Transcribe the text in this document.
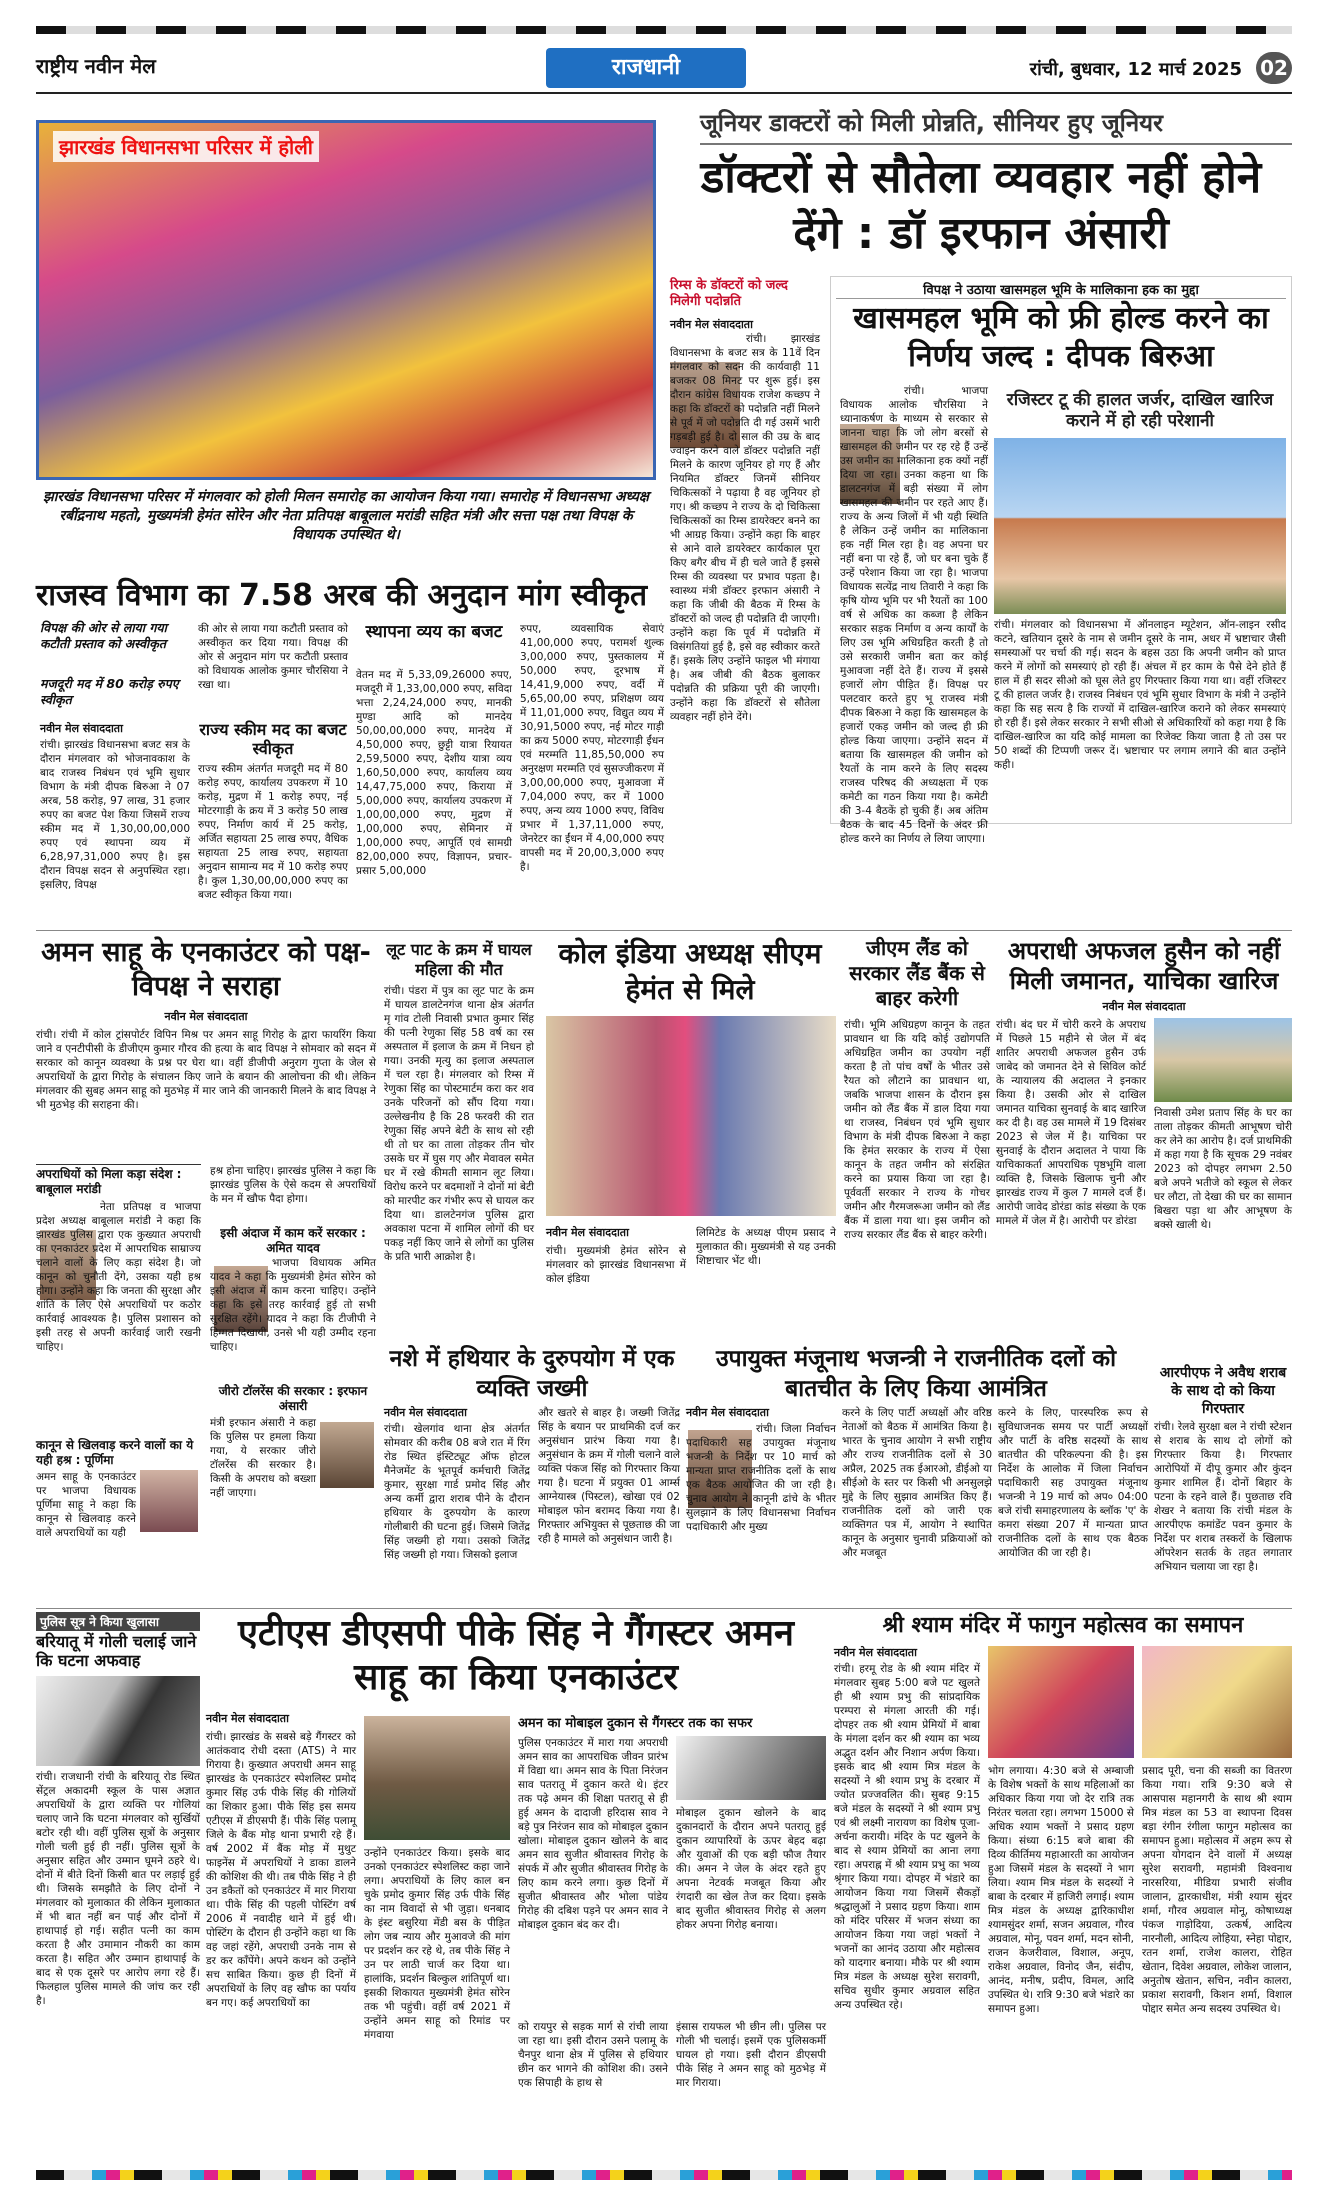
राष्ट्रीय नवीन मेल	राजधानी	रांची, बुधवार, 12 मार्च 2025 02
झारखंड विधानसभा परिसर में होली
झारखंड विधानसभा परिसर में मंगलवार को होली मिलन समारोह का आयोजन किया गया। समारोह में विधानसभा अध्यक्ष रबींद्रनाथ महतो, मुख्यमंत्री हेमंत सोरेन और नेता प्रतिपक्ष बाबूलाल मरांडी सहित मंत्री और सत्ता पक्ष तथा विपक्ष के विधायक उपस्थित थे।
जूनियर डाक्टरों को मिली प्रोन्नति, सीनियर हुए जूनियर
डॉक्टरों से सौतेला व्यवहार नहीं होने देंगे : डॉ इरफान अंसारी
रिम्स के डॉक्टरों को जल्द मिलेगी पदोन्नति
नवीन मेल संवाददाता
रांची। झारखंड विधानसभा के बजट सत्र के 11वें दिन मंगलवार को सदन की कार्यवाही 11 बजकर 08 मिनट पर शुरू हुई। इस दौरान कांग्रेस विधायक राजेश कच्छप ने कहा कि डॉक्टरों को पदोन्नति नहीं मिलने से पूर्व में जो पदोन्नति दी गई उसमें भारी गड़बड़ी हुई है। दो साल की उम्र के बाद ज्वाइन करने वाले डॉक्टर पदोन्नति नहीं मिलने के कारण जूनियर हो गए हैं और नियमित डॉक्टर जिनमें सीनियर चिकित्सकों ने पढ़ाया है वह जूनियर हो गए। श्री कच्छप ने राज्य के दो चिकित्सा चिकित्सकों का रिम्स डायरेक्टर बनने का भी आग्रह किया। उन्होंने कहा कि बाहर से आने वाले डायरेक्टर कार्यकाल पूरा किए बगैर बीच में ही चले जाते हैं इससे रिम्स की व्यवस्था पर प्रभाव पड़ता है। स्वास्थ्य मंत्री डॉक्टर इरफान अंसारी ने कहा कि जीबी की बैठक में रिम्स के डॉक्टरों को जल्द ही पदोन्नति दी जाएगी। उन्होंने कहा कि पूर्व में पदोन्नति में विसंगतियां हुई है, इसे वह स्वीकार करते हैं। इसके लिए उन्होंने फाइल भी मंगाया है। अब जीबी की बैठक बुलाकर पदोन्नति की प्रक्रिया पूरी की जाएगी। उन्होंने कहा कि डॉक्टरों से सौतेला व्यवहार नहीं होने देंगे।
विपक्ष ने उठाया खासमहल भूमि के मालिकाना हक का मुद्दा
खासमहल भूमि को फ्री होल्ड करने का निर्णय जल्द : दीपक बिरुआ
रांची। भाजपा विधायक आलोक चौरसिया ने ध्यानाकर्षण के माध्यम से सरकार से जानना चाहा कि जो लोग बरसों से खासमहल की जमीन पर रह रहे हैं उन्हें उस जमीन का मालिकाना हक क्यों नहीं दिया जा रहा। उनका कहना था कि डालटनगंज में बड़ी संख्या में लोग खासमहल की जमीन पर रहते आए हैं। राज्य के अन्य जिलों में भी यही स्थिति है लेकिन उन्हें जमीन का मालिकाना हक नहीं मिल रहा है। वह अपना घर नहीं बना पा रहे हैं, जो घर बना चुके हैं उन्हें परेशान किया जा रहा है। भाजपा विधायक सत्येंद्र नाथ तिवारी ने कहा कि कृषि योग्य भूमि पर भी रैयतों का 100 वर्ष से अधिक का कब्जा है लेकिन सरकार सड़क निर्माण व अन्य कार्यों के लिए उस भूमि अधिग्रहित करती है तो उसे सरकारी जमीन बता कर कोई मुआवजा नहीं देते हैं। राज्य में इससे हजारों लोग पीड़ित हैं। विपक्ष पर पलटवार करते हुए भू राजस्व मंत्री दीपक बिरुआ ने कहा कि खासमहल के हजारों एकड़ जमीन को जल्द ही फ्री होल्ड किया जाएगा। उन्होंने सदन में बताया कि खासमहल की जमीन को रैयतों के नाम करने के लिए सदस्य राजस्व परिषद की अध्यक्षता में एक कमेटी का गठन किया गया है। कमेटी की 3-4 बैठकें हो चुकी हैं। अब अंतिम बैठक के बाद 45 दिनों के अंदर फ्री होल्ड करने का निर्णय ले लिया जाएगा।
रजिस्टर टू की हालत जर्जर, दाखिल खारिज कराने में हो रही परेशानी
रांची। मंगलवार को विधानसभा में ऑनलाइन म्यूटेशन, ऑन-लाइन रसीद कटने, खतियान दूसरे के नाम से जमीन दूसरे के नाम, अधर में भ्रष्टाचार जैसी समस्याओं पर चर्चा की गई। सदन के बहस उठा कि अपनी जमीन को प्राप्त करने में लोगों को समस्याएं हो रही हैं। अंचल में हर काम के पैसे देने होते हैं हाल में ही सदर सीओ को घूस लेते हुए गिरफ्तार किया गया था। वहीं रजिस्टर टू की हालत जर्जर है। राजस्व निबंधन एवं भूमि सुधार विभाग के मंत्री ने उन्होंने कहा कि सह सत्य है कि राज्यों में दाखिल-खारिज कराने को लेकर समस्याएं हो रही हैं। इसे लेकर सरकार ने सभी सीओ से अधिकारियों को कहा गया है कि दाखिल-खारिज का यदि कोई मामला का रिजेक्ट किया जाता है तो उस पर 50 शब्दों की टिप्पणी जरूर दें। भ्रष्टाचार पर लगाम लगाने की बात उन्होंने कही।
राजस्व विभाग का 7.58 अरब की अनुदान मांग स्वीकृत
विपक्ष की ओर से लाया गया कटौती प्रस्ताव को अस्वीकृत
मजदूरी मद में 80 करोड़ रुपए स्वीकृत
नवीन मेल संवाददाता
रांची। झारखंड विधानसभा बजट सत्र के दौरान मंगलवार को भोजनावकाश के बाद राजस्व निबंधन एवं भूमि सुधार विभाग के मंत्री दीपक बिरुआ ने 07 अरब, 58 करोड़, 97 लाख, 31 हजार रुपए का बजट पेश किया जिसमें राज्य स्कीम मद में 1,30,00,00,000 रुपए एवं स्थापना व्यय में 6,28,97,31,000 रुपए है। इस दौरान विपक्ष सदन से अनुपस्थित रहा। इसलिए, विपक्ष
की ओर से लाया गया कटौती प्रस्ताव को अस्वीकृत कर दिया गया। विपक्ष की ओर से अनुदान मांग पर कटौती प्रस्ताव को विधायक आलोक कुमार चौरसिया ने रखा था।
राज्य स्कीम मद का बजट स्वीकृत
राज्य स्कीम अंतर्गत मजदूरी मद में 80 करोड़ रुपए, कार्यालय उपकरण में 10 करोड़, मुद्रण में 1 करोड़ रुपए, नई मोटरगाड़ी के क्रय में 3 करोड़ 50 लाख रुपए, निर्माण कार्य में 25 करोड़, अर्जित सहायता 25 लाख रुपए, वैधिक सहायता 25 लाख रुपए, सहायता अनुदान सामान्य मद में 10 करोड़ रुपए है। कुल 1,30,00,00,000 रुपए का बजट स्वीकृत किया गया।
स्थापना व्यय का बजट
वेतन मद में 5,33,09,26000 रुपए, मजदूरी में 1,33,00,000 रुपए, सविदा भत्ता 2,24,24,000 रुपए, मानकी मुण्डा आदि को मानदेय 50,00,00,000 रुपए, मानदेय में 4,50,000 रुपए, छुट्टी यात्रा रियायत 2,59,5000 रुपए, देशीय यात्रा व्यय 1,60,50,000 रुपए, कार्यालय व्यय 14,47,75,000 रुपए, किराया में 5,00,000 रुपए, कार्यालय उपकरण में 1,00,00,000 रुपए, मुद्रण में 1,00,000 रुपए, सेमिनार में 1,00,000 रुपए, आपूर्ति एवं सामग्री 82,00,000 रुपए, विज्ञापन, प्रचार-प्रसार 5,00,000
रुपए, व्यवसायिक सेवाएं 41,00,000 रुपए, परामर्श शुल्क 3,00,000 रुपए, पुस्तकालय में 50,000 रुपए, दूरभाष में 14,41,9,000 रुपए, वर्दी में 5,65,00,00 रुपए, प्रशिक्षण व्यय में 11,01,000 रुपए, विद्युत व्यय में 30,91,5000 रुपए, नई मोटर गाड़ी का क्रय 5000 रुपए, मोटरगाड़ी ईंधन एवं मरम्मति 11,85,50,000 रुप अनुरक्षण मरम्मति एवं सुसज्जीकरण में 3,00,00,000 रुपए, मुआवजा में 7,04,000 रुपए, कर में 1000 रुपए, अन्य व्यय 1000 रुपए, विविध प्रभार में 1,37,11,000 रुपए, जेनरेटर का ईंधन में 4,00,000 रुपए वापसी मद में 20,00,3,000 रुपए है।
अमन साहू के एनकाउंटर को पक्ष-विपक्ष ने सराहा
नवीन मेल संवाददाता
रांची। रांची में कोल ट्रांसपोर्टर विपिन मिश्र पर अमन साहू गिरोह के द्वारा फायरिंग किया जाने व एनटीपीसी के डीजीएम कुमार गौरव की हत्या के बाद विपक्ष ने सोमवार को सदन में सरकार को कानून व्यवस्था के प्रश्न पर घेरा था। वहीं डीजीपी अनुराग गुप्ता के जेल से अपराधियों के द्वारा गिरोह के संचालन किए जाने के बयान की आलोचना की थी। लेकिन मंगलवार की सुबह अमन साहू को मुठभेड़ में मार जाने की जानकारी मिलने के बाद विपक्ष ने भी मुठभेड़ की सराहना की।
अपराधियों को मिला कड़ा संदेश : बाबूलाल मरांडी
नेता प्रतिपक्ष व भाजपा प्रदेश अध्यक्ष बाबूलाल मरांडी ने कहा कि झारखंड पुलिस द्वारा एक कुख्यात अपराधी का एनकाउंटर प्रदेश में आपराधिक साम्राज्य चलाने वालों के लिए कड़ा संदेश है। जो कानून को चुनौती देंगे, उसका यही हश्र होगा। उन्होंने कहा कि जनता की सुरक्षा और शांति के लिए ऐसे अपराधियों पर कठोर कार्रवाई आवश्यक है। पुलिस प्रशासन को इसी तरह से अपनी कार्रवाई जारी रखनी चाहिए।
हश्र होना चाहिए। झारखंड पुलिस ने कहा कि झारखंड पुलिस के ऐसे कदम से अपराधियों के मन में खौफ पैदा होगा।
इसी अंदाज में काम करें सरकार : अमित यादव
भाजपा विधायक अमित यादव ने कहा कि मुख्यमंत्री हेमंत सोरेन को इसी अंदाज में काम करना चाहिए। उन्होंने कहा कि इसे तरह कार्रवाई हुई तो सभी सुरक्षित रहेंगे। यादव ने कहा कि टीजीपी ने हिम्मत दिखायी, उनसे भी यही उम्मीद रहना चाहिए।
जीरो टॉलरेंस की सरकार : इरफान अंसारी
मंत्री इरफान अंसारी ने कहा कि पुलिस पर हमला किया गया, ये सरकार जीरो टॉलरेंस की सरकार है। किसी के अपराध को बख्शा नहीं जाएगा।
कानून से खिलवाड़ करने वालों का ये यही हश्र : पूर्णिमा
अमन साहू के एनकाउंटर पर भाजपा विधायक पूर्णिमा साहू ने कहा कि कानून से खिलवाड़ करने वाले अपराधियों का यही
लूट पाट के क्रम में घायल महिला की मौत
रांची। पंडरा में पुत्र का लूट पाट के क्रम में घायल डालटेनगंज थाना क्षेत्र अंतर्गत मृ गांव टोली निवासी प्रभात कुमार सिंह की पत्नी रेणुका सिंह 58 वर्ष का रस अस्पताल में इलाज के क्रम में निधन हो गया। उनकी मृत्यु का इलाज अस्पताल में चल रहा है। मंगलवार को रिम्स में रेणुका सिंह का पोस्टमार्टम करा कर शव उनके परिजनों को सौंप दिया गया। उल्लेखनीय है कि 28 फरवरी की रात रेणुका सिंह अपने बेटी के साथ सो रही थी तो घर का ताला तोड़कर तीन चोर उसके घर में घुस गए और मेवावल समेत घर में रखे कीमती सामान लूट लिया। विरोध करने पर बदमाशों ने दोनों मां बेटी को मारपीट कर गंभीर रूप से घायल कर दिया था। डालटेनगंज पुलिस द्वारा अवकाश पटना में शामिल लोगों की घर पकड़ नहीं किए जाने से लोगों का पुलिस के प्रति भारी आक्रोश है।
कोल इंडिया अध्यक्ष सीएम हेमंत से मिले
नवीन मेल संवाददाता
रांची। मुख्यमंत्री हेमंत सोरेन से मंगलवार को झारखंड विधानसभा में कोल इंडिया
लिमिटेड के अध्यक्ष पीएम प्रसाद ने मुलाकात की। मुख्यमंत्री से यह उनकी शिष्टाचार भेंट थी।
जीएम लैंड को सरकार लैंड बैंक से बाहर करेगी
रांची। भूमि अधिग्रहण कानून के तहत प्रावधान था कि यदि कोई उद्योगपति अधिग्रहित जमीन का उपयोग नहीं करता है तो पांच वर्षों के भीतर उसे रैयत को लौटाने का प्रावधान था, जबकि भाजपा शासन के दौरान इस जमीन को लैंड बैंक में डाल दिया गया था राजस्व, निबंधन एवं भूमि सुधार विभाग के मंत्री दीपक बिरुआ ने कहा कि हेमंत सरकार के राज्य में ऐसा कानून के तहत जमीन को संरक्षित करने का प्रयास किया जा रहा है। पूर्ववर्ती सरकार ने राज्य के गोचर जमीन और गैरमजरूआ जमीन को लैंड बैंक में डाला गया था। इस जमीन को राज्य सरकार लैंड बैंक से बाहर करेगी।
अपराधी अफजल हुसैन को नहीं मिली जमानत, याचिका खारिज
नवीन मेल संवाददाता
रांची। बंद घर में चोरी करने के अपराध में पिछले 15 महीने से जेल में बंद शातिर अपराधी अफजल हुसैन उर्फ जाबेद को जमानत देने से सिविल कोर्ट के न्यायालय की अदालत ने इनकार किया है। उसकी ओर से दाखिल जमानत याचिका सुनवाई के बाद खारिज कर दी है। वह उस मामले में 19 दिसंबर 2023 से जेल में है। याचिका पर सुनवाई के दौरान अदालत ने पाया कि याचिकाकर्ता आपराधिक पृष्ठभूमि वाला व्यक्ति है, जिसके खिलाफ चुनी और झारखंड राज्य में कुल 7 मामले दर्ज हैं। आरोपी जावेद डोरंडा कांड संख्या के एक मामले में जेल में है। आरोपी पर डोरंडा
निवासी उमेश प्रताप सिंह के घर का ताला तोड़कर कीमती आभूषण चोरी कर लेने का आरोप है। दर्ज प्राथमिकी में कहा गया है कि सूचक 29 नवंबर 2023 को दोपहर लगभग 2.50 बजे अपने भतीजे को स्कूल से लेकर घर लौटा, तो देखा की घर का सामान बिखरा पड़ा था और आभूषण के बक्से खाली थे।
आरपीएफ ने अवैध शराब के साथ दो को किया गिरफ्तार
रांची। रेलवे सुरक्षा बल ने रांची स्टेशन से शराब के साथ दो लोगों को गिरफ्तार किया है। गिरफ्तार आरोपियों में दीपू कुमार और कुंदन कुमार शामिल हैं। दोनों बिहार के पटना के रहने वाले हैं। पुछताछ रवि शेखर ने बताया कि रांची मंडल के आरपीएफ कमांडेंट पवन कुमार के निर्देश पर शराब तस्करों के खिलाफ ऑपरेशन सतर्क के तहत लगातार अभियान चलाया जा रहा है।
नशे में हथियार के दुरुपयोग में एक व्यक्ति जख्मी
नवीन मेल संवाददाता
रांची। खेलगांव थाना क्षेत्र अंतर्गत सोमवार की करीब 08 बजे रात में रिंग रोड स्थित इंस्टिट्यूट ऑफ होटल मैनेजमेंट के भूतपूर्व कर्मचारी जितेंद्र कुमार, सुरक्षा गार्ड प्रमोद सिंह और अन्य कर्मी द्वारा शराब पीने के दौरान हथियार के दुरुपयोग के कारण गोलीबारी की घटना हुई। जिसमे जितेंद्र सिंह जख्मी हो गया। उसको जितेंद्र सिंह जख्मी हो गया। जिसको इलाज
और खतरे से बाहर है। जख्मी जितेंद्र सिंह के बयान पर प्राथमिकी दर्ज कर अनुसंधान प्रारंभ किया गया है। अनुसंधान के क्रम में गोली चलाने वाले व्यक्ति पंकज सिंह को गिरफ्तार किया गया है। घटना में प्रयुक्त 01 आर्म्स आग्नेयास्त्र (पिस्टल), खोखा एवं 02 मोबाइल फोन बरामद किया गया है। गिरफ्तार अभियुक्त से पूछताछ की जा रही है मामले को अनुसंधान जारी है।
उपायुक्त मंजूनाथ भजन्त्री ने राजनीतिक दलों को बातचीत के लिए किया आमंत्रित
नवीन मेल संवाददाता
रांची। जिला निर्वाचन पदाधिकारी सह उपायुक्त मंजूनाथ भजन्त्री के निर्देश पर 10 मार्च को मान्यता प्राप्त राजनीतिक दलों के साथ एक बैठक आयोजित की जा रही है। चुनाव आयोग ने कानूनी ढांचे के भीतर सुलझाने के लिए विधानसभा निर्वाचन पदाधिकारी और मुख्य
करने के लिए पार्टी अध्यक्षों और वरिष्ठ नेताओं को बैठक में आमंत्रित किया है। भारत के चुनाव आयोग ने सभी राष्ट्रीय और राज्य राजनीतिक दलों से 30 अप्रैल, 2025 तक ईआरओ, डीईओ या सीईओ के स्तर पर किसी भी अनसुलझे मुद्दे के लिए सुझाव आमंत्रित किए हैं। राजनीतिक दलों को जारी एक व्यक्तिगत पत्र में, आयोग ने स्थापित कानून के अनुसार चुनावी प्रक्रियाओं को और मजबूत
करने के लिए, पारस्परिक रूप से सुविधाजनक समय पर पार्टी अध्यक्षों और पार्टी के वरिष्ठ सदस्यों के साथ बातचीत की परिकल्पना की है। इस निर्देश के आलोक में जिला निर्वाचन पदाधिकारी सह उपायुक्त मंजूनाथ भजन्त्री ने 19 मार्च को अप० 04:00 बजे रांची समाहरणालय के ब्लॉक 'ए' के कमरा संख्या 207 में मान्यता प्राप्त राजनीतिक दलों के साथ एक बैठक आयोजित की जा रही है।
पुलिस सूत्र ने किया खुलासा
बरियातू में गोली चलाई जाने कि घटना अफवाह
रांची। राजधानी रांची के बरियातू रोड स्थित सेंट्रल अकादमी स्कूल के पास अज्ञात अपराधियों के द्वारा व्यक्ति पर गोलियां चलाए जाने कि घटना मंगलवार को सुर्खियों बटोर रही थी। वहीं पुलिस सूत्रों के अनुसार गोली चली हुई ही नहीं। पुलिस सूत्रों के अनुसार सहित और उम्मान घूमने ठहरे थे। दोनों में बीते दिनों किसी बात पर लड़ाई हुई थी। जिसके समझौते के लिए दोनों ने मंगलवार को मुलाकात की लेकिन मुलाकात में भी बात नहीं बन पाई और दोनों में हाथापाई हो गई। सहीत पत्नी का काम करता है और उमामान नौकरी का काम करता है। सहित और उम्मान हाथापाई के बाद से एक दूसरे पर आरोप लगा रहे हैं। फिलहाल पुलिस मामले की जांच कर रही है।
एटीएस डीएसपी पीके सिंह ने गैंगस्टर अमन साहू का किया एनकाउंटर
नवीन मेल संवाददाता
रांची। झारखंड के सबसे बड़े गैंगस्टर को आतंकवाद रोधी दस्ता (ATS) ने मार गिराया है। कुख्यात अपराधी अमन साहू झारखंड के एनकाउंटर स्पेशलिस्ट प्रमोद कुमार सिंह उर्फ पीके सिंह की गोलियों का शिकार हुआ। पीके सिंह इस समय एटीएस में डीएसपी हैं। पीके सिंह पलामू जिले के बैंक मोड़ थाना प्रभारी रहे हैं। वर्ष 2002 में बैंक मोड़ में मुथुट फाइनेंस में अपराधियों ने डाका डालने की कोशिश की थी। तब पीके सिंह ने ही उन डकैतों को एनकाउंटर में मार गिराया था। पीके सिंह की पहली पोस्टिंग वर्ष 2006 में नवादीह थाने में हुई थी। पोस्टिंग के दौरान ही उन्होंने कहा था कि वह जहां रहेंगे, अपराधी उनके नाम से डर कर काँपेंगे। अपने कथन को उन्होंने सच साबित किया। कुछ ही दिनों में अपराधियों के लिए वह खौफ का पर्याय बन गए। कई अपराधियों का
उन्होंने एनकाउंटर किया। इसके बाद उनको एनकाउंटर स्पेशलिस्ट कहा जाने लगा। अपराधियों के लिए काल बन चुके प्रमोद कुमार सिंह उर्फ पीके सिंह का नाम विवादों से भी जुड़ा। धनबाद के इंस्ट बसुरिया मेंडी बस के पीड़ित लोग जब न्याय और मुआवजे की मांग पर प्रदर्शन कर रहे थे, तब पीके सिंह ने उन पर लाठी चार्ज कर दिया था। हालांकि, प्रदर्शन बिल्कुल शांतिपूर्ण था। इसकी शिकायत मुख्यमंत्री हेमंत सोरेन तक भी पहुंची। वहीं वर्ष 2021 में उन्होंने अमन साहू को रिमांड पर मंगवाया
अमन का मोबाइल दुकान से गैंगस्टर तक का सफर
पुलिस एनकाउंटर में मारा गया अपराधी अमन साव का आपराधिक जीवन प्रारंभ में विद्या था। अमन साव के पिता निरंजन साव पतरातू में दुकान करते थे। इंटर तक पढ़े अमन की शिक्षा पतरातू से ही हुई अमन के दादाजी हरिदास साव ने बड़े पुत्र निरंजन साव को मोबाइल दुकान खोला। मोबाइल दुकान खोलने के बाद अमन साव सुजीत श्रीवास्तव गिरोह के संपर्क में और सुजीत श्रीवास्तव गिरोह के लिए काम करने लगा। कुछ दिनों में सुजीत श्रीवास्तव और भोला पांडेय गिरोह की दबिश पड़ने पर अमन साव ने मोबाइल दुकान बंद कर दी।
मोबाइल दुकान खोलने के बाद दुकानदारों के दौरान अपने पतरातू हुई दुकान व्यापारियों के ऊपर बेहद बढ़ा और युवाओं की एक बड़ी फौज तैयार की। अमन ने जेल के अंदर रहते हुए अपना नेटवर्क मजबूत किया और रंगदारी का खेल तेज कर दिया। इसके बाद सुजीत श्रीवास्तव गिरोह से अलग होकर अपना गिरोह बनाया।
को रायपुर से सड़क मार्ग से रांची लाया जा रहा था। इसी दौरान उसने पलामू के चैनपुर थाना क्षेत्र में पुलिस से हथियार छीन कर भागने की कोशिश की। उसने एक सिपाही के हाथ से
इंसास रायफल भी छीन ली। पुलिस पर गोली भी चलाई। इसमें एक पुलिसकर्मी घायल हो गया। इसी दौरान डीएसपी पीके सिंह ने अमन साहू को मुठभेड़ में मार गिराया।
श्री श्याम मंदिर में फागुन महोत्सव का समापन
नवीन मेल संवाददाता
रांची। हरमू रोड के श्री श्याम मंदिर में मंगलवार सुबह 5:00 बजे पट खुलते ही श्री श्याम प्रभु की सांप्रदायिक परम्परा से मंगला आरती की गई। दोपहर तक श्री श्याम प्रेमियों में बाबा के मंगला दर्शन कर श्री श्याम का भव्य अद्भुत दर्शन और निशान अर्पण किया। इसके बाद श्री श्याम मित्र मंडल के सदस्यों ने श्री श्याम प्रभु के दरबार में ज्योत प्रज्जवलित की। सुबह 9:15 बजे मंडल के सदस्यों ने श्री श्याम प्रभु एवं श्री लक्ष्मी नारायण का विशेष पूजा-अर्चना करायी। मंदिर के पट खुलने के बाद से श्याम प्रेमियों का आना लगा रहा। अपराह्न में श्री श्याम प्रभु का भव्य श्रृंगार किया गया। दोपहर में भंडारे का आयोजन किया गया जिसमें सैकड़ों श्रद्धालुओं ने प्रसाद ग्रहण किया। शाम को मंदिर परिसर में भजन संध्या का आयोजन किया गया जहां भक्तों ने भजनों का आनंद उठाया और महोत्सव को यादगार बनाया। मौके पर श्री श्याम मित्र मंडल के अध्यक्ष सुरेश सरावगी, सचिव सुधीर कुमार अग्रवाल सहित अन्य उपस्थित रहे।
भोग लगाया। 4:30 बजे से अम्बाजी के विशेष भक्तों के साथ महिलाओं का अधिकार किया गया जो देर रात्रि तक निरंतर चलता रहा। लगभग 15000 से अधिक श्याम भक्तों ने प्रसाद ग्रहण किया। संध्या 6:15 बजे बाबा की दिव्य कीर्तिमय महाआरती का आयोजन हुआ जिसमें मंडल के सदस्यों ने भाग लिया। श्याम मित्र मंडल के सदस्यों ने बाबा के दरबार में हाजिरी लगाई। श्याम मित्र मंडल के अध्यक्ष द्वारिकाधीश श्यामसुंदर शर्मा, सजन अग्रवाल, गौरव अग्रवाल, मोनू, पवन शर्मा, मदन सोनी, राजन केजरीवाल, विशाल, अनूप, राकेश अग्रवाल, विनोद जैन, संदीप, आनंद, मनीष, प्रदीप, विमल, आदि उपस्थित थे। रात्रि 9:30 बजे भंडारे का समापन हुआ।
प्रसाद पूरी, चना की सब्जी का वितरण किया गया। रात्रि 9:30 बजे से आसपास महानगरी के साथ श्री श्याम मित्र मंडल का 53 वा स्थापना दिवस बड़ा रंगीन रंगीला फागुन महोत्सव का समापन हुआ। महोत्सव में अहम रूप से अपना योगदान देने वालों में अध्यक्ष सुरेश सरावगी, महामंत्री विश्वनाथ नारसरिया, मीडिया प्रभारी संजीव जालान, द्वारकाधीश, मंत्री श्याम सुंदर शर्मा, गौरव अग्रवाल मोनू, कोषाध्यक्ष पंकज गाड़ोदिया, उत्कर्ष, आदित्य नारनौली, आदित्य लोहिया, स्नेहा पोद्दार, रतन शर्मा, राजेश कालरा, रोहित खेतान, दिवेश अग्रवाल, लोकेश जालान, अनुतोष खेतान, सचिन, नवीन कालरा, प्रकाश सरावगी, किशन शर्मा, विशाल पोद्दार समेत अन्य सदस्य उपस्थित थे।
